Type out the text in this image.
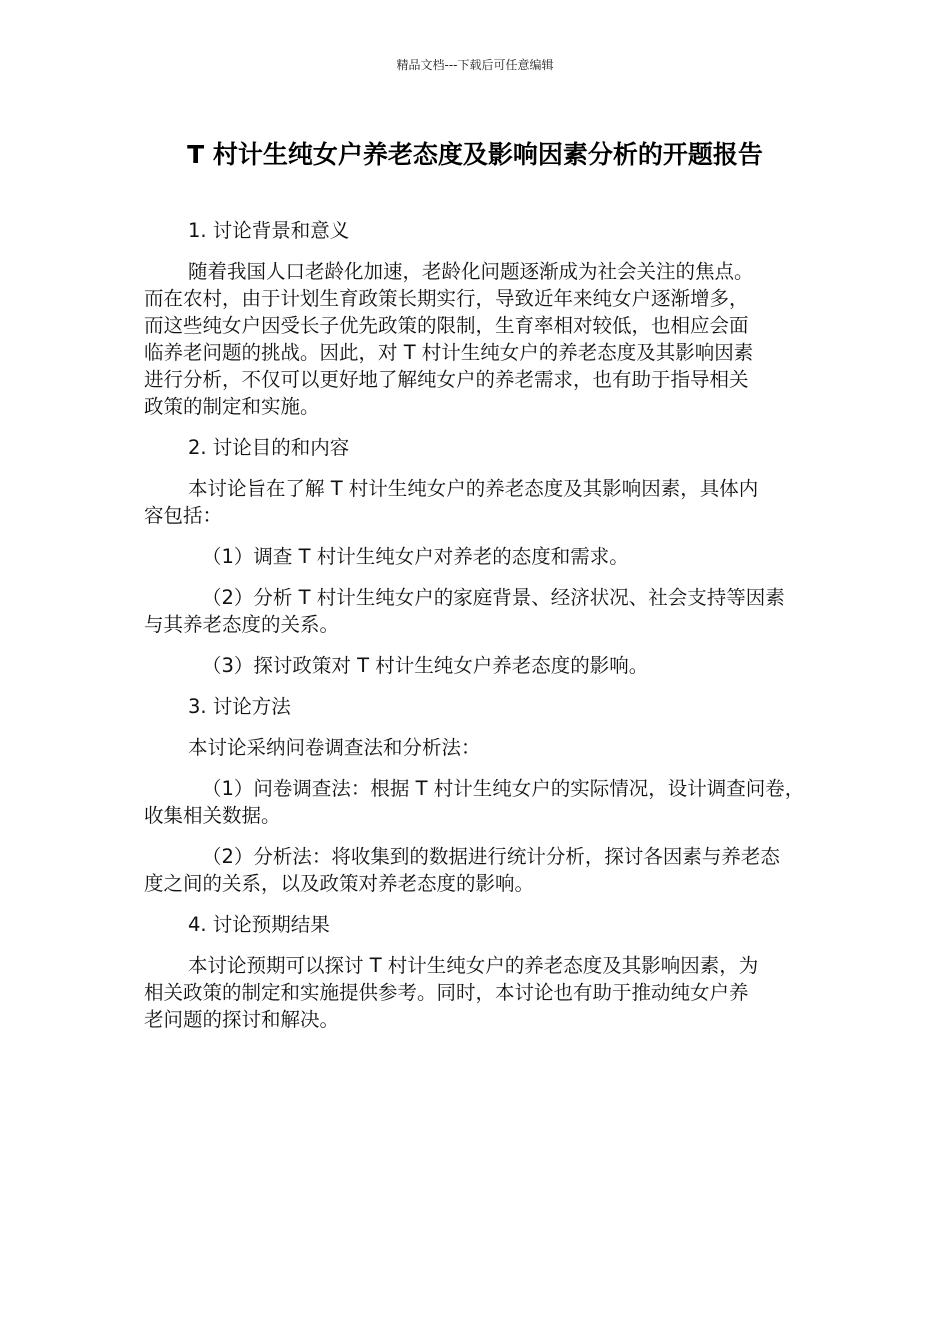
精品文档---下载后可任意编辑
T 村计生纯女户养老态度及影响因素分析的开题报告

1. 讨论背景和意义

随着我国人口老龄化加速，老龄化问题逐渐成为社会关注的焦点。
而在农村，由于计划生育政策长期实行，导致近年来纯女户逐渐增多，
而这些纯女户因受长子优先政策的限制，生育率相对较低，也相应会面
临养老问题的挑战。因此，对 T 村计生纯女户的养老态度及其影响因素
进行分析，不仅可以更好地了解纯女户的养老需求，也有助于指导相关
政策的制定和实施。

2. 讨论目的和内容

本讨论旨在了解 T 村计生纯女户的养老态度及其影响因素，具体内
容包括：

（1）调查 T 村计生纯女户对养老的态度和需求。

（2）分析 T 村计生纯女户的家庭背景、经济状况、社会支持等因素
与其养老态度的关系。

（3）探讨政策对 T 村计生纯女户养老态度的影响。

3. 讨论方法

本讨论采纳问卷调查法和分析法：

（1）问卷调查法：根据 T 村计生纯女户的实际情况，设计调查问卷，
收集相关数据。

（2）分析法：将收集到的数据进行统计分析，探讨各因素与养老态
度之间的关系，以及政策对养老态度的影响。

4. 讨论预期结果

本讨论预期可以探讨 T 村计生纯女户的养老态度及其影响因素，为
相关政策的制定和实施提供参考。同时，本讨论也有助于推动纯女户养
老问题的探讨和解决。
